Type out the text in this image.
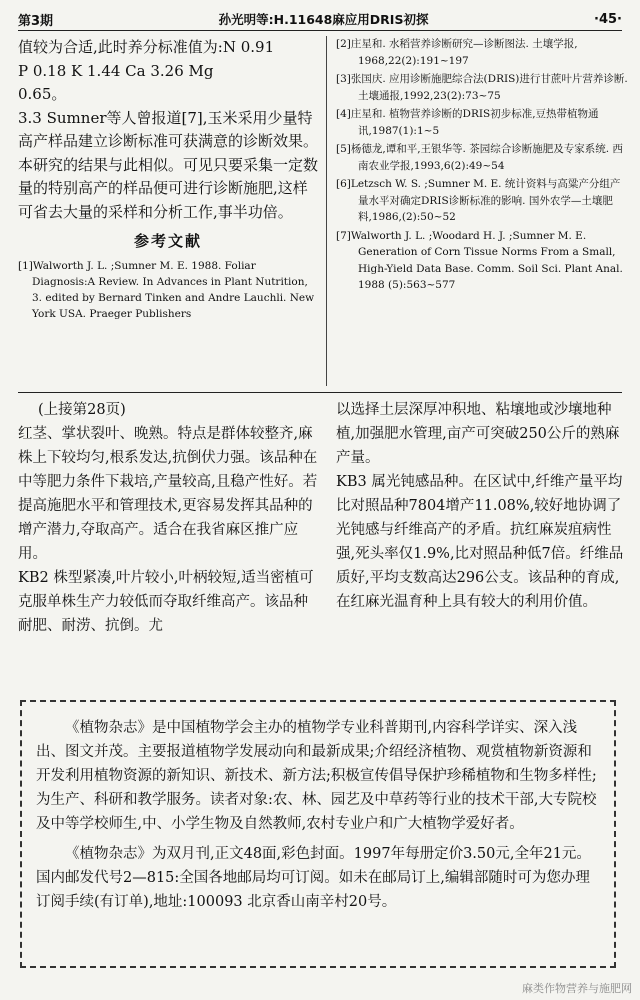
第3期	孙光明等:H.11648麻应用DRIS初探	·45·

值较为合适,此时养分标准值为:N 0.91

P 0.18 K 1.44 Ca 3.26 Mg

0.65。

3.3 Sumner等人曾报道[7],玉米采用少量特高产样品建立诊断标准可获满意的诊断效果。本研究的结果与此相似。可见只要采集一定数量的特别高产的样品便可进行诊断施肥,这样可省去大量的采样和分析工作,事半功倍。

参考文献
[1]Walworth J. L. ;Sumner M. E. 1988. Foliar Diagnosis:A Review. In Advances in Plant Nutrition, 3. edited by Bernard Tinken and Andre Lauchli. New York USA. Praeger Publishers
[2]庄星和. 水稻营养诊断研究—诊断图法. 土壤学报, 1968,22(2):191~197
[3]张国庆. 应用诊断施肥综合法(DRIS)进行甘蔗叶片营养诊断. 土壤通报,1992,23(2):73~75
[4]庄星和. 植物营养诊断的DRIS初步标准,豆热带植物通讯,1987(1):1~5
[5]杨德龙,谭和平,王银华等. 茶园综合诊断施肥及专家系统. 西南农业学报,1993,6(2):49~54
[6]Letzsch W. S. ;Sumner M. E. 统计资料与高粱产分组产量水平对确定DRIS诊断标准的影响. 国外农学—土壤肥料,1986,(2):50~52
[7]Walworth J. L. ;Woodard H. J. ;Sumner M. E. Generation of Corn Tissue Norms From a Small, High-Yield Data Base. Comm. Soil Sci. Plant Anal. 1988 (5):563~577

(上接第28页)

红茎、掌状裂叶、晚熟。特点是群体较整齐,麻株上下较均匀,根系发达,抗倒伏力强。该品种在中等肥力条件下栽培,产量较高,且稳产性好。若提高施肥水平和管理技术,更容易发挥其品种的增产潜力,夺取高产。适合在我省麻区推广应用。

KB2 株型紧凑,叶片较小,叶柄较短,适当密植可克服单株生产力较低而夺取纤维高产。该品种耐肥、耐涝、抗倒。尤

以选择土层深厚冲积地、粘壤地或沙壤地种植,加强肥水管理,亩产可突破250公斤的熟麻产量。

KB3 属光钝感品种。在区试中,纤维产量平均比对照品种7804增产11.08%,较好地协调了光钝感与纤维高产的矛盾。抗红麻炭疽病性强,死头率仅1.9%,比对照品种低7倍。纤维品质好,平均支数高达296公支。该品种的育成,在红麻光温育种上具有较大的利用价值。

《植物杂志》是中国植物学会主办的植物学专业科普期刊,内容科学详实、深入浅出、图文并茂。主要报道植物学发展动向和最新成果;介绍经济植物、观赏植物新资源和开发利用植物资源的新知识、新技术、新方法;积极宣传倡导保护珍稀植物和生物多样性;为生产、科研和教学服务。读者对象:农、林、园艺及中草药等行业的技术干部,大专院校及中等学校师生,中、小学生物及自然教师,农村专业户和广大植物学爱好者。

《植物杂志》为双月刊,正文48面,彩色封面。1997年每册定价3.50元,全年21元。国内邮发代号2—815:全国各地邮局均可订阅。如未在邮局订上,编辑部随时可为您办理订阅手续(有订单),地址:100093 北京香山南辛村20号。

麻类作物营养与施肥网
